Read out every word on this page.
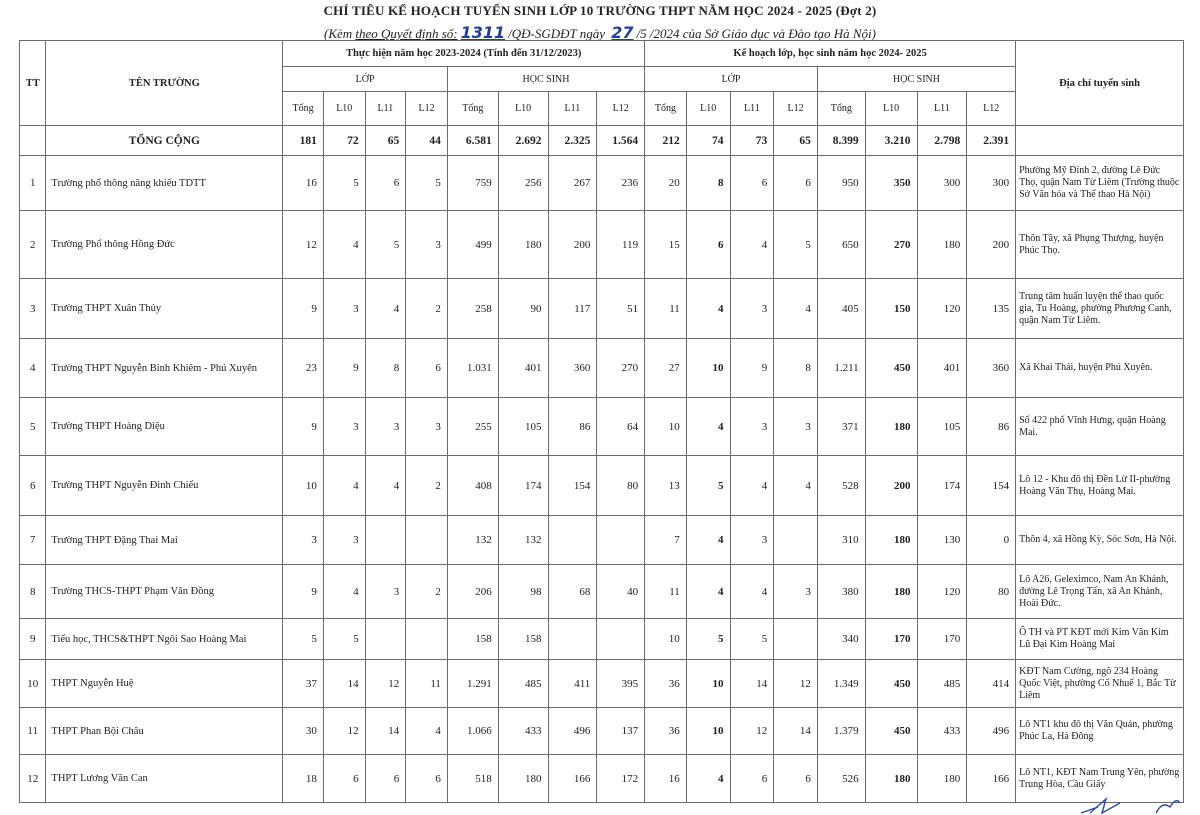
CHỈ TIÊU KẾ HOẠCH TUYỂN SINH LỚP 10 TRƯỜNG THPT NĂM HỌC 2024 - 2025 (Đợt 2)
(Kèm theo Quyết định số: 1311 /QĐ-SGDĐT ngày 27 /5 /2024 của Sở Giáo dục và Đào tạo Hà Nội)
TT	TÊN TRƯỜNG	Thực hiện năm học 2023-2024 (Tính đến 31/12/2023)								Kế hoạch lớp, học sinh năm học 2024- 2025								Địa chỉ tuyển sinh
		LỚP				HỌC SINH				LỚP				HỌC SINH				
		Tổng	L10	L11	L12	Tổng	L10	L11	L12	Tổng	L10	L11	L12	Tổng	L10	L11	L12	
	TỔNG CỘNG	181	72	65	44	6.581	2.692	2.325	1.564	212	74	73	65	8.399	3.210	2.798	2.391	
1	Trường phổ thông năng khiếu TDTT	16	5	6	5	759	256	267	236	20	8	6	6	950	350	300	300	Phường Mỹ Đình 2, đường Lê Đức Thọ, quận Nam Từ Liêm (Trường thuộc Sở Văn hóa và Thể thao Hà Nội)
2	Trường Phổ thông Hồng Đức	12	4	5	3	499	180	200	119	15	6	4	5	650	270	180	200	Thôn Tây, xã Phụng Thượng, huyện Phúc Thọ.
3	Trường THPT Xuân Thủy	9	3	4	2	258	90	117	51	11	4	3	4	405	150	120	135	Trung tâm huấn luyện thể thao quốc gia, Tu Hoàng, phường Phương Canh, quận Nam Từ Liêm.
4	Trường THPT Nguyễn Bỉnh Khiêm - Phú Xuyên	23	9	8	6	1.031	401	360	270	27	10	9	8	1.211	450	401	360	Xã Khai Thái, huyện Phú Xuyên.
5	Trường THPT Hoàng Diệu	9	3	3	3	255	105	86	64	10	4	3	3	371	180	105	86	Số 422 phố Vĩnh Hưng, quận Hoàng Mai.
6	Trường THPT Nguyễn Đình Chiểu	10	4	4	2	408	174	154	80	13	5	4	4	528	200	174	154	Lô 12 - Khu đô thị Đền Lừ II-phường Hoàng Văn Thụ, Hoàng Mai.
7	Trường THPT Đặng Thai Mai	3	3			132	132			7	4	3		310	180	130	0	Thôn 4, xã Hồng Kỳ, Sóc Sơn, Hà Nội.
8	Trường THCS-THPT Phạm Văn Đồng	9	4	3	2	206	98	68	40	11	4	4	3	380	180	120	80	Lô A26, Geleximco, Nam An Khánh, đường Lê Trọng Tấn, xã An Khánh, Hoài Đức.
9	Tiểu học, THCS&THPT Ngôi Sao Hoàng Mai	5	5			158	158			10	5	5		340	170	170		Ô TH và PT KĐT mới Kim Văn Kim Lũ Đại Kim Hoàng Mai
10	THPT Nguyễn Huệ	37	14	12	11	1.291	485	411	395	36	10	14	12	1.349	450	485	414	KĐT Nam Cường, ngõ 234 Hoàng Quốc Việt, phường Cổ Nhuế 1, Bắc Từ Liêm
11	THPT Phan Bội Châu	30	12	14	4	1.066	433	496	137	36	10	12	14	1.379	450	433	496	Lô NT1 khu đô thị Văn Quán, phường Phúc La, Hà Đông
12	THPT Lương Văn Can	18	6	6	6	518	180	166	172	16	4	6	6	526	180	180	166	Lô NT1, KĐT Nam Trung Yên, phường Trung Hòa, Cầu Giấy
